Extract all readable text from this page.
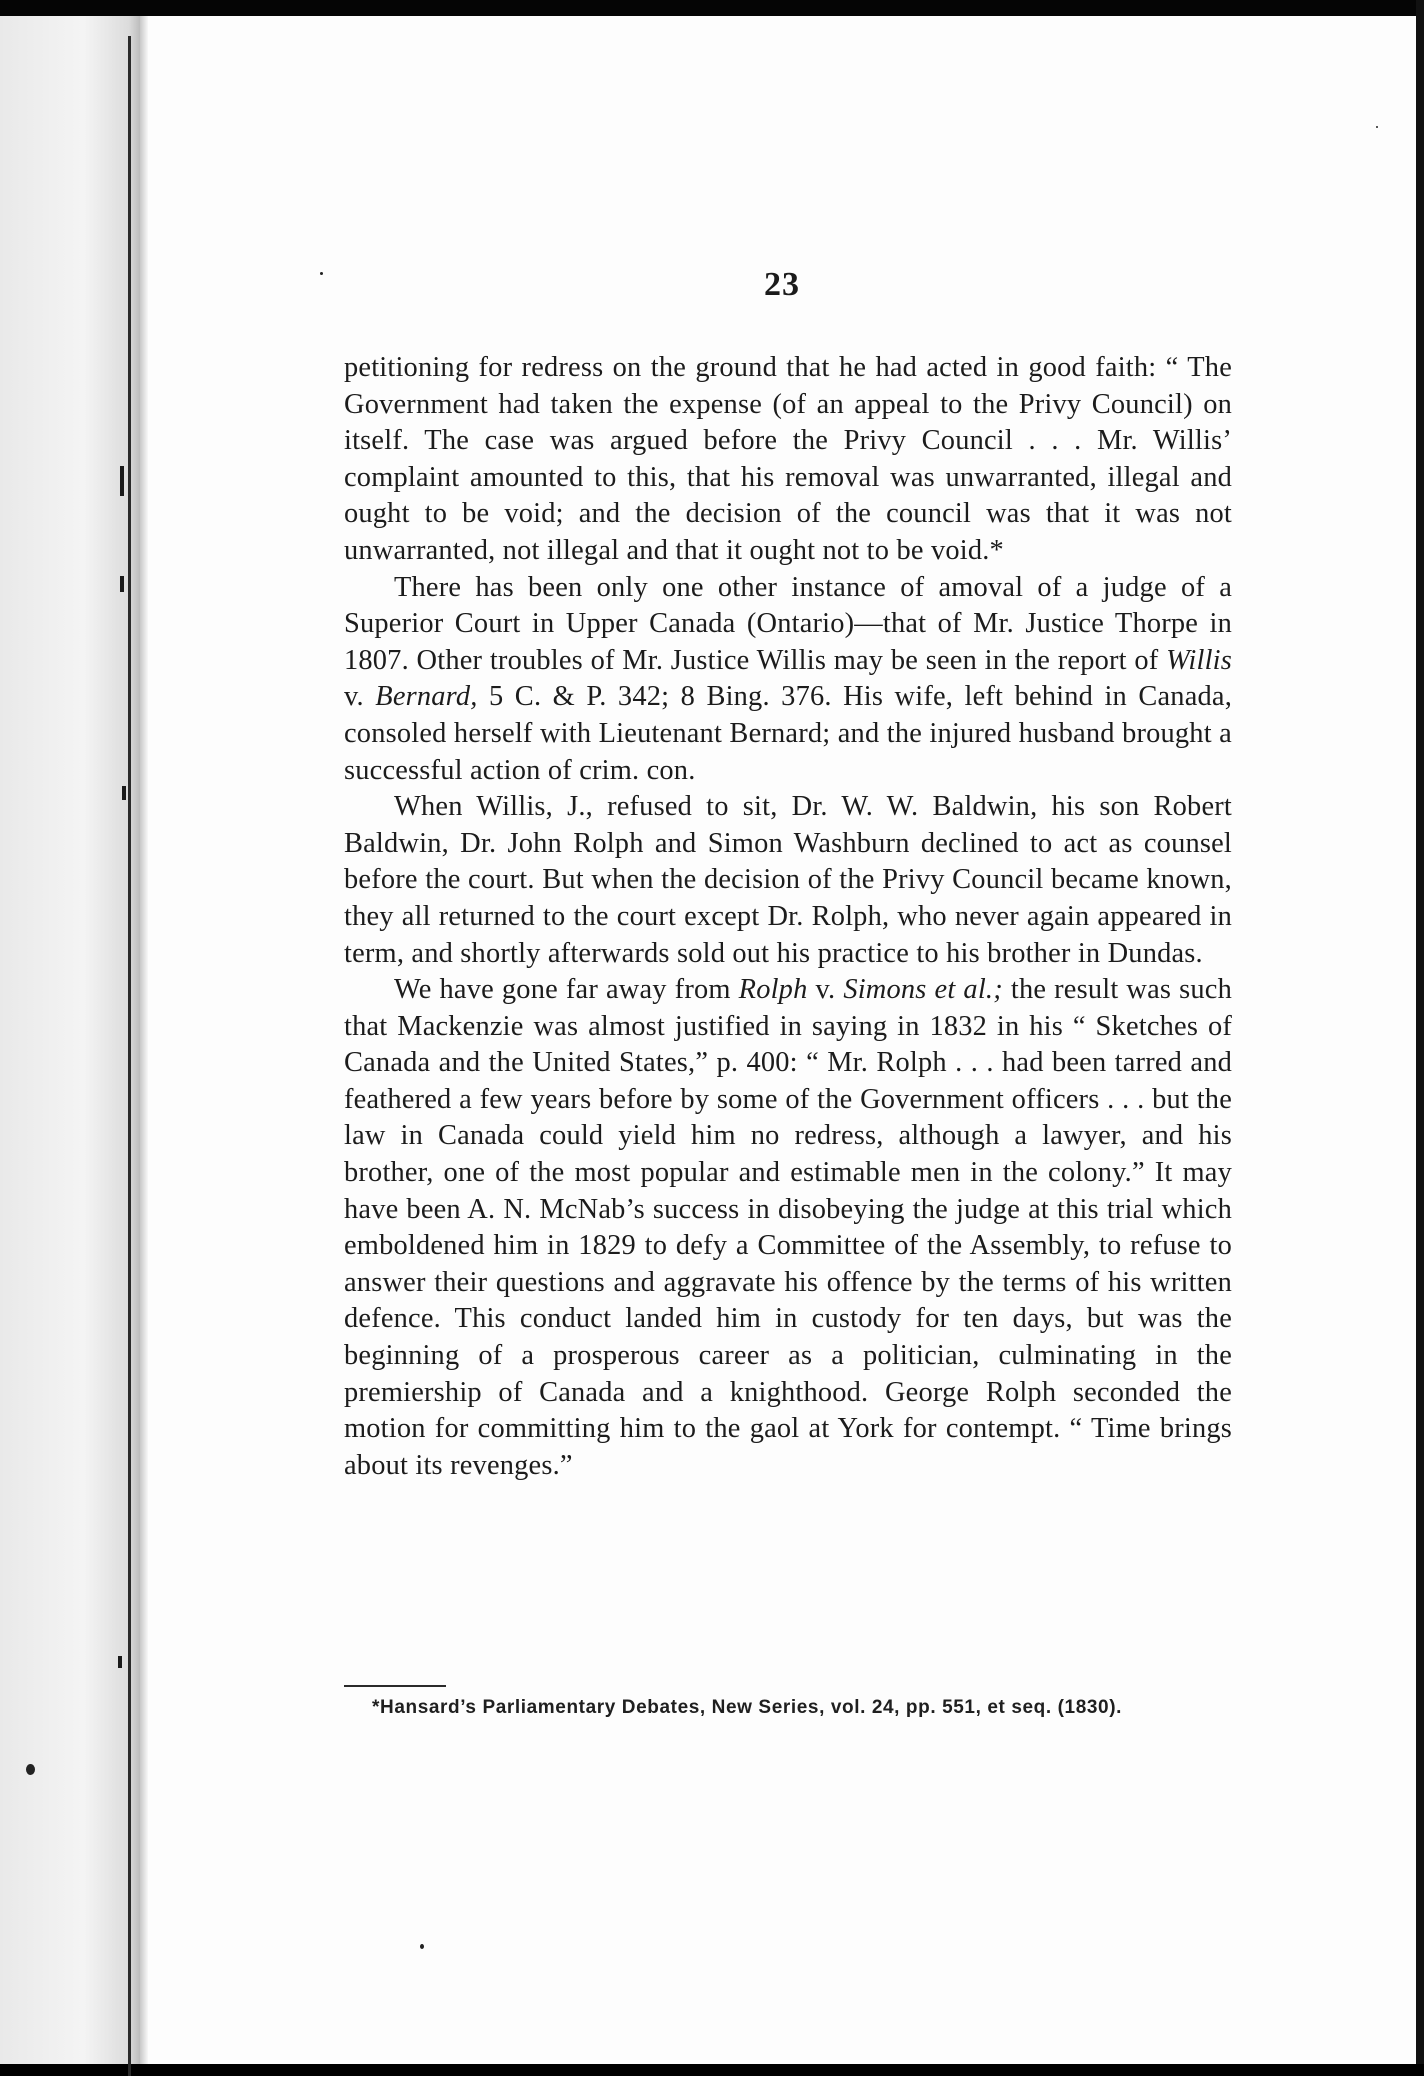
23

petitioning for redress on the ground that he had acted in good faith: “ The Government had taken the expense (of an appeal to the Privy Council) on itself. The case was argued before the Privy Council . . . Mr. Willis’ complaint amounted to this, that his removal was unwarranted, illegal and ought to be void; and the decision of the council was that it was not unwarranted, not illegal and that it ought not to be void.*

There has been only one other instance of amoval of a judge of a Superior Court in Upper Canada (Ontario)—that of Mr. Justice Thorpe in 1807. Other troubles of Mr. Justice Willis may be seen in the report of Willis v. Bernard, 5 C. & P. 342; 8 Bing. 376. His wife, left behind in Canada, consoled herself with Lieutenant Bernard; and the injured husband brought a successful action of crim. con.

When Willis, J., refused to sit, Dr. W. W. Baldwin, his son Robert Baldwin, Dr. John Rolph and Simon Washburn declined to act as counsel before the court. But when the decision of the Privy Council became known, they all returned to the court except Dr. Rolph, who never again appeared in term, and shortly afterwards sold out his practice to his brother in Dundas.

We have gone far away from Rolph v. Simons et al.; the result was such that Mackenzie was almost justified in saying in 1832 in his “ Sketches of Canada and the United States,” p. 400: “ Mr. Rolph . . . had been tarred and feathered a few years before by some of the Government officers . . . but the law in Canada could yield him no redress, although a lawyer, and his brother, one of the most popular and estimable men in the colony.” It may have been A. N. McNab’s success in disobeying the judge at this trial which emboldened him in 1829 to defy a Committee of the Assembly, to refuse to answer their questions and aggravate his offence by the terms of his written defence. This conduct landed him in custody for ten days, but was the beginning of a prosperous career as a politician, culminating in the premiership of Canada and a knighthood. George Rolph seconded the motion for committing him to the gaol at York for contempt. “ Time brings about its revenges.”

*Hansard’s Parliamentary Debates, New Series, vol. 24, pp. 551, et seq. (1830).
